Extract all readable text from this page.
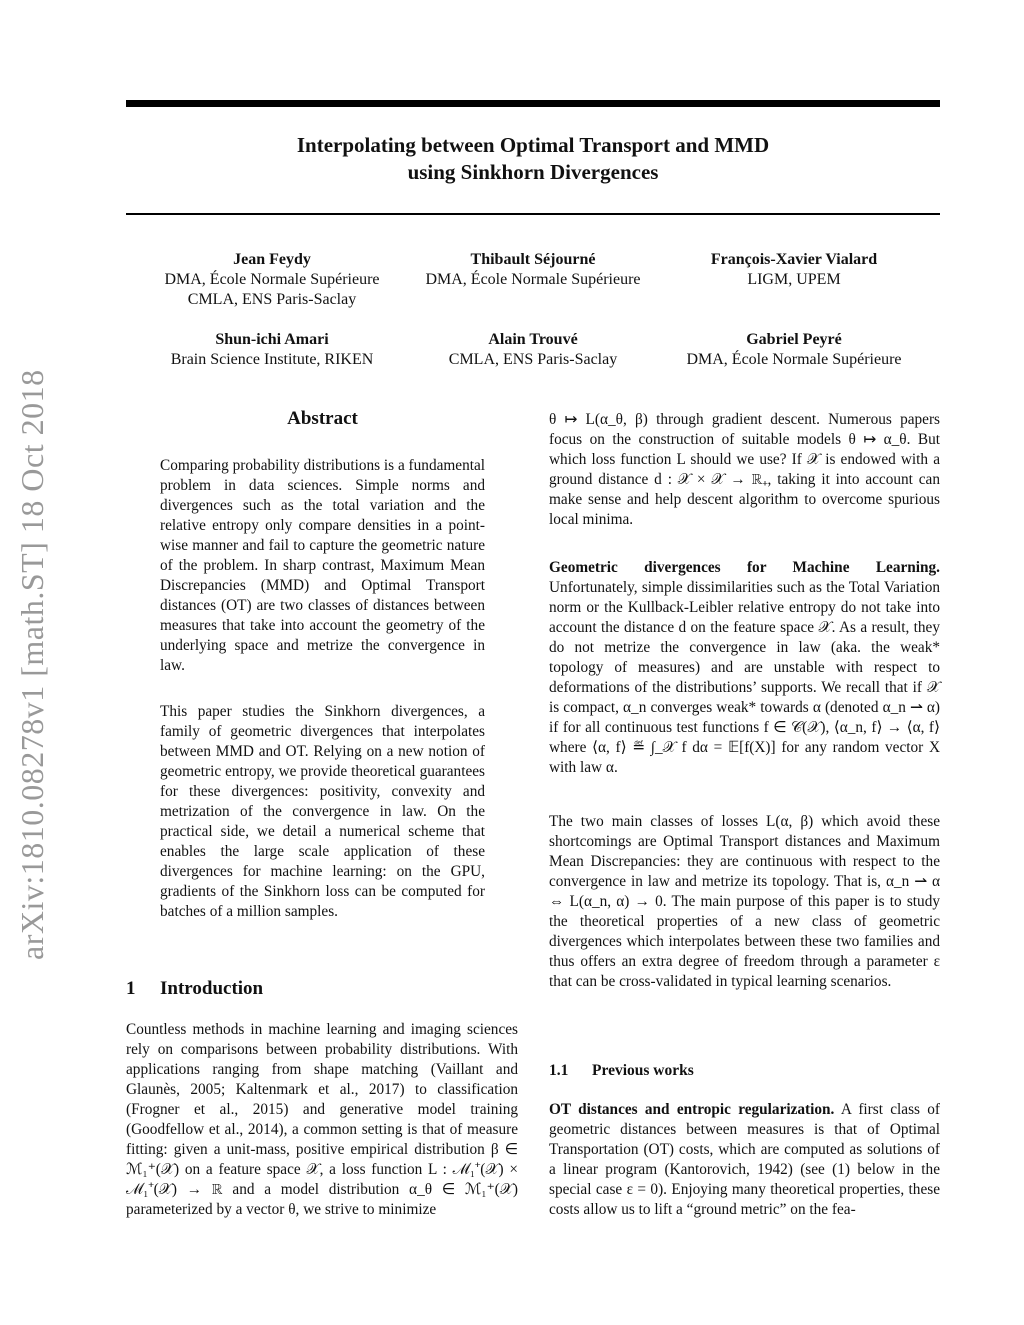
Interpolating between Optimal Transport and MMD
using Sinkhorn Divergences
Jean Feydy
DMA, École Normale Supérieure
CMLA, ENS Paris-Saclay
Thibault Séjourné
DMA, École Normale Supérieure
François-Xavier Vialard
LIGM, UPEM
Shun-ichi Amari
Brain Science Institute, RIKEN
Alain Trouvé
CMLA, ENS Paris-Saclay
Gabriel Peyré
DMA, École Normale Supérieure
arXiv:1810.08278v1 [math.ST] 18 Oct 2018	Abstract
Comparing probability distributions is a fundamental problem in data sciences. Simple norms and divergences such as the total variation and the relative entropy only compare densities in a point-wise manner and fail to capture the geometric nature of the problem. In sharp contrast, Maximum Mean Discrepancies (MMD) and Optimal Transport distances (OT) are two classes of distances between measures that take into account the geometry of the underlying space and metrize the convergence in law.
This paper studies the Sinkhorn divergences, a family of geometric divergences that interpolates between MMD and OT. Relying on a new notion of geometric entropy, we provide theoretical guarantees for these divergences: positivity, convexity and metrization of the convergence in law. On the practical side, we detail a numerical scheme that enables the large scale application of these divergences for machine learning: on the GPU, gradients of the Sinkhorn loss can be computed for batches of a million samples.
1 Introduction
Countless methods in machine learning and imaging sciences rely on comparisons between probability distributions. With applications ranging from shape matching (Vaillant and Glaunès, 2005; Kaltenmark et al., 2017) to classification (Frogner et al., 2015) and generative model training (Goodfellow et al., 2014), a common setting is that of measure fitting: given a unit-mass, positive empirical distribution β ∈ ℳ₁⁺(𝒳) on a feature space 𝒳, a loss function L : ℳ₁⁺(𝒳) × ℳ₁⁺(𝒳) → ℝ and a model distribution α_θ ∈ ℳ₁⁺(𝒳) parameterized by a vector θ, we strive to minimize
θ ↦ L(α_θ, β) through gradient descent. Numerous papers focus on the construction of suitable models θ ↦ α_θ. But which loss function L should we use? If 𝒳 is endowed with a ground distance d : 𝒳 × 𝒳 → ℝ₊, taking it into account can make sense and help descent algorithm to overcome spurious local minima.
Geometric divergences for Machine Learning. Unfortunately, simple dissimilarities such as the Total Variation norm or the Kullback-Leibler relative entropy do not take into account the distance d on the feature space 𝒳. As a result, they do not metrize the convergence in law (aka. the weak* topology of measures) and are unstable with respect to deformations of the distributions’ supports. We recall that if 𝒳 is compact, α_n converges weak* towards α (denoted α_n ⇀ α) if for all continuous test functions f ∈ 𝒞(𝒳), ⟨α_n, f⟩ → ⟨α, f⟩ where ⟨α, f⟩ ≝ ∫_𝒳 f dα = 𝔼[f(X)] for any random vector X with law α.
The two main classes of losses L(α, β) which avoid these shortcomings are Optimal Transport distances and Maximum Mean Discrepancies: they are continuous with respect to the convergence in law and metrize its topology. That is, α_n ⇀ α ⇔ L(α_n, α) → 0. The main purpose of this paper is to study the theoretical properties of a new class of geometric divergences which interpolates between these two families and thus offers an extra degree of freedom through a parameter ε that can be cross-validated in typical learning scenarios.
1.1 Previous works
OT distances and entropic regularization. A first class of geometric distances between measures is that of Optimal Transportation (OT) costs, which are computed as solutions of a linear program (Kantorovich, 1942) (see (1) below in the special case ε = 0). Enjoying many theoretical properties, these costs allow us to lift a “ground metric” on the fea-
